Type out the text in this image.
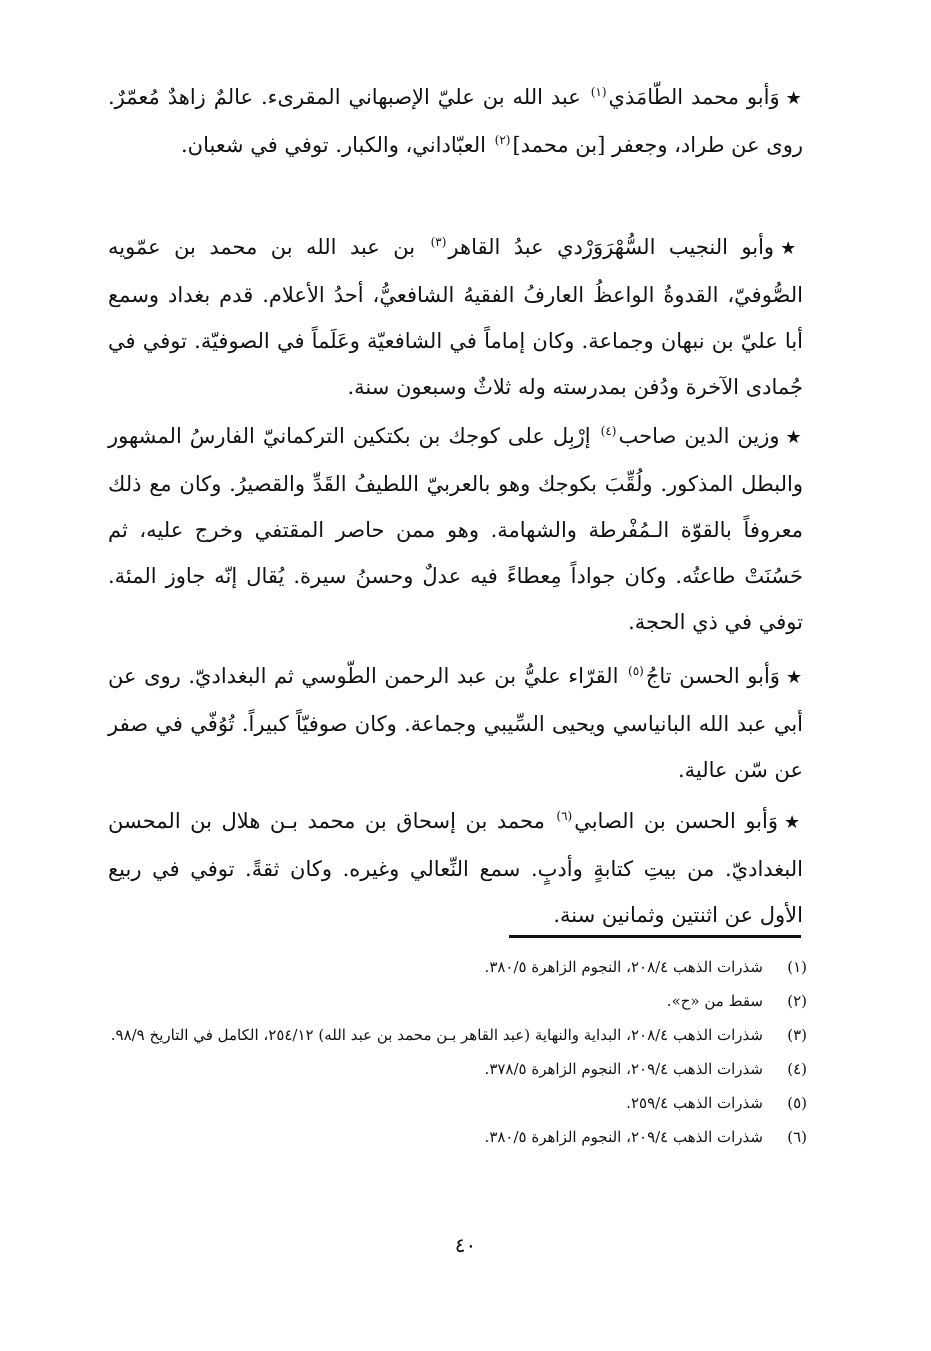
★وَأبو محمد الطّامَذي$^{(١)}$ عبد الله بن عليّ الإصبهاني المقرىء. عالمٌ زاهدٌ مُعمّرٌ. روى عن طراد، وجعفر [بن محمد]$^{(٢)}$ العبّاداني، والكبار. توفي في شعبان.

★وأبو النجيب السُّهْرَوَرْدي عبدُ القاهر$^{(٣)}$ بن عبد الله بن محمد بن عمّويه الصُّوفيّ، القدوةُ الواعظُ العارفُ الفقيهُ الشافعيُّ، أحدُ الأعلام. قدم بغداد وسمع أبا عليّ بن نبهان وجماعة. وكان إماماً في الشافعيّة وعَلَماً في الصوفيّة. توفي في جُمادى الآخرة ودُفن بمدرسته وله ثلاثٌ وسبعون سنة.

★وزين الدين صاحب$^{(٤)}$ إرْبِل على كوجك بن بكتكين التركمانيّ الفارسُ المشهور والبطل المذكور. ولُقِّبَ بكوجك وهو بالعربيّ اللطيفُ القَدِّ والقصيرُ. وكان مع ذلك معروفاً بالقوّة الـمُفْرطة والشهامة. وهو ممن حاصر المقتفي وخرج عليه، ثم حَسُنَتْ طاعتُه. وكان جواداً مِعطاءً فيه عدلٌ وحسنُ سيرة. يُقال إنّه جاوز المئة. توفي في ذي الحجة.

★وَأبو الحسن تاجُ$^{(٥)}$ القرّاء عليُّ بن عبد الرحمن الطّوسي ثم البغداديّ. روى عن أبي عبد الله البانياسي ويحيى السِّيبي وجماعة. وكان صوفيّاً كبيراً. تُوُفّي في صفر عن سّن عالية.

★وَأبو الحسن بن الصابي$^{(٦)}$ محمد بن إسحاق بن محمد بـن هلال بن المحسن البغداديّ. من بيتِ كتابةٍ وأدبٍ. سمع النِّعالي وغيره. وكان ثقةً. توفي في ربيع الأول عن اثنتين وثمانين سنة.

(١)
شذرات الذهب ٢٠٨/٤، النجوم الزاهرة ٣٨٠/٥.
(٢)
سقط من «ح».
(٣)
شذرات الذهب ٢٠٨/٤، البداية والنهاية (عبد القاهر بـن محمد بن عبد الله) ٢٥٤/١٢، الكامل في التاريخ ٩٨/٩.
(٤)
شذرات الذهب ٢٠٩/٤، النجوم الزاهرة ٣٧٨/٥.
(٥)
شذرات الذهب ٢٥٩/٤.
(٦)
شذرات الذهب ٢٠٩/٤، النجوم الزاهرة ٣٨٠/٥.
٤٠
